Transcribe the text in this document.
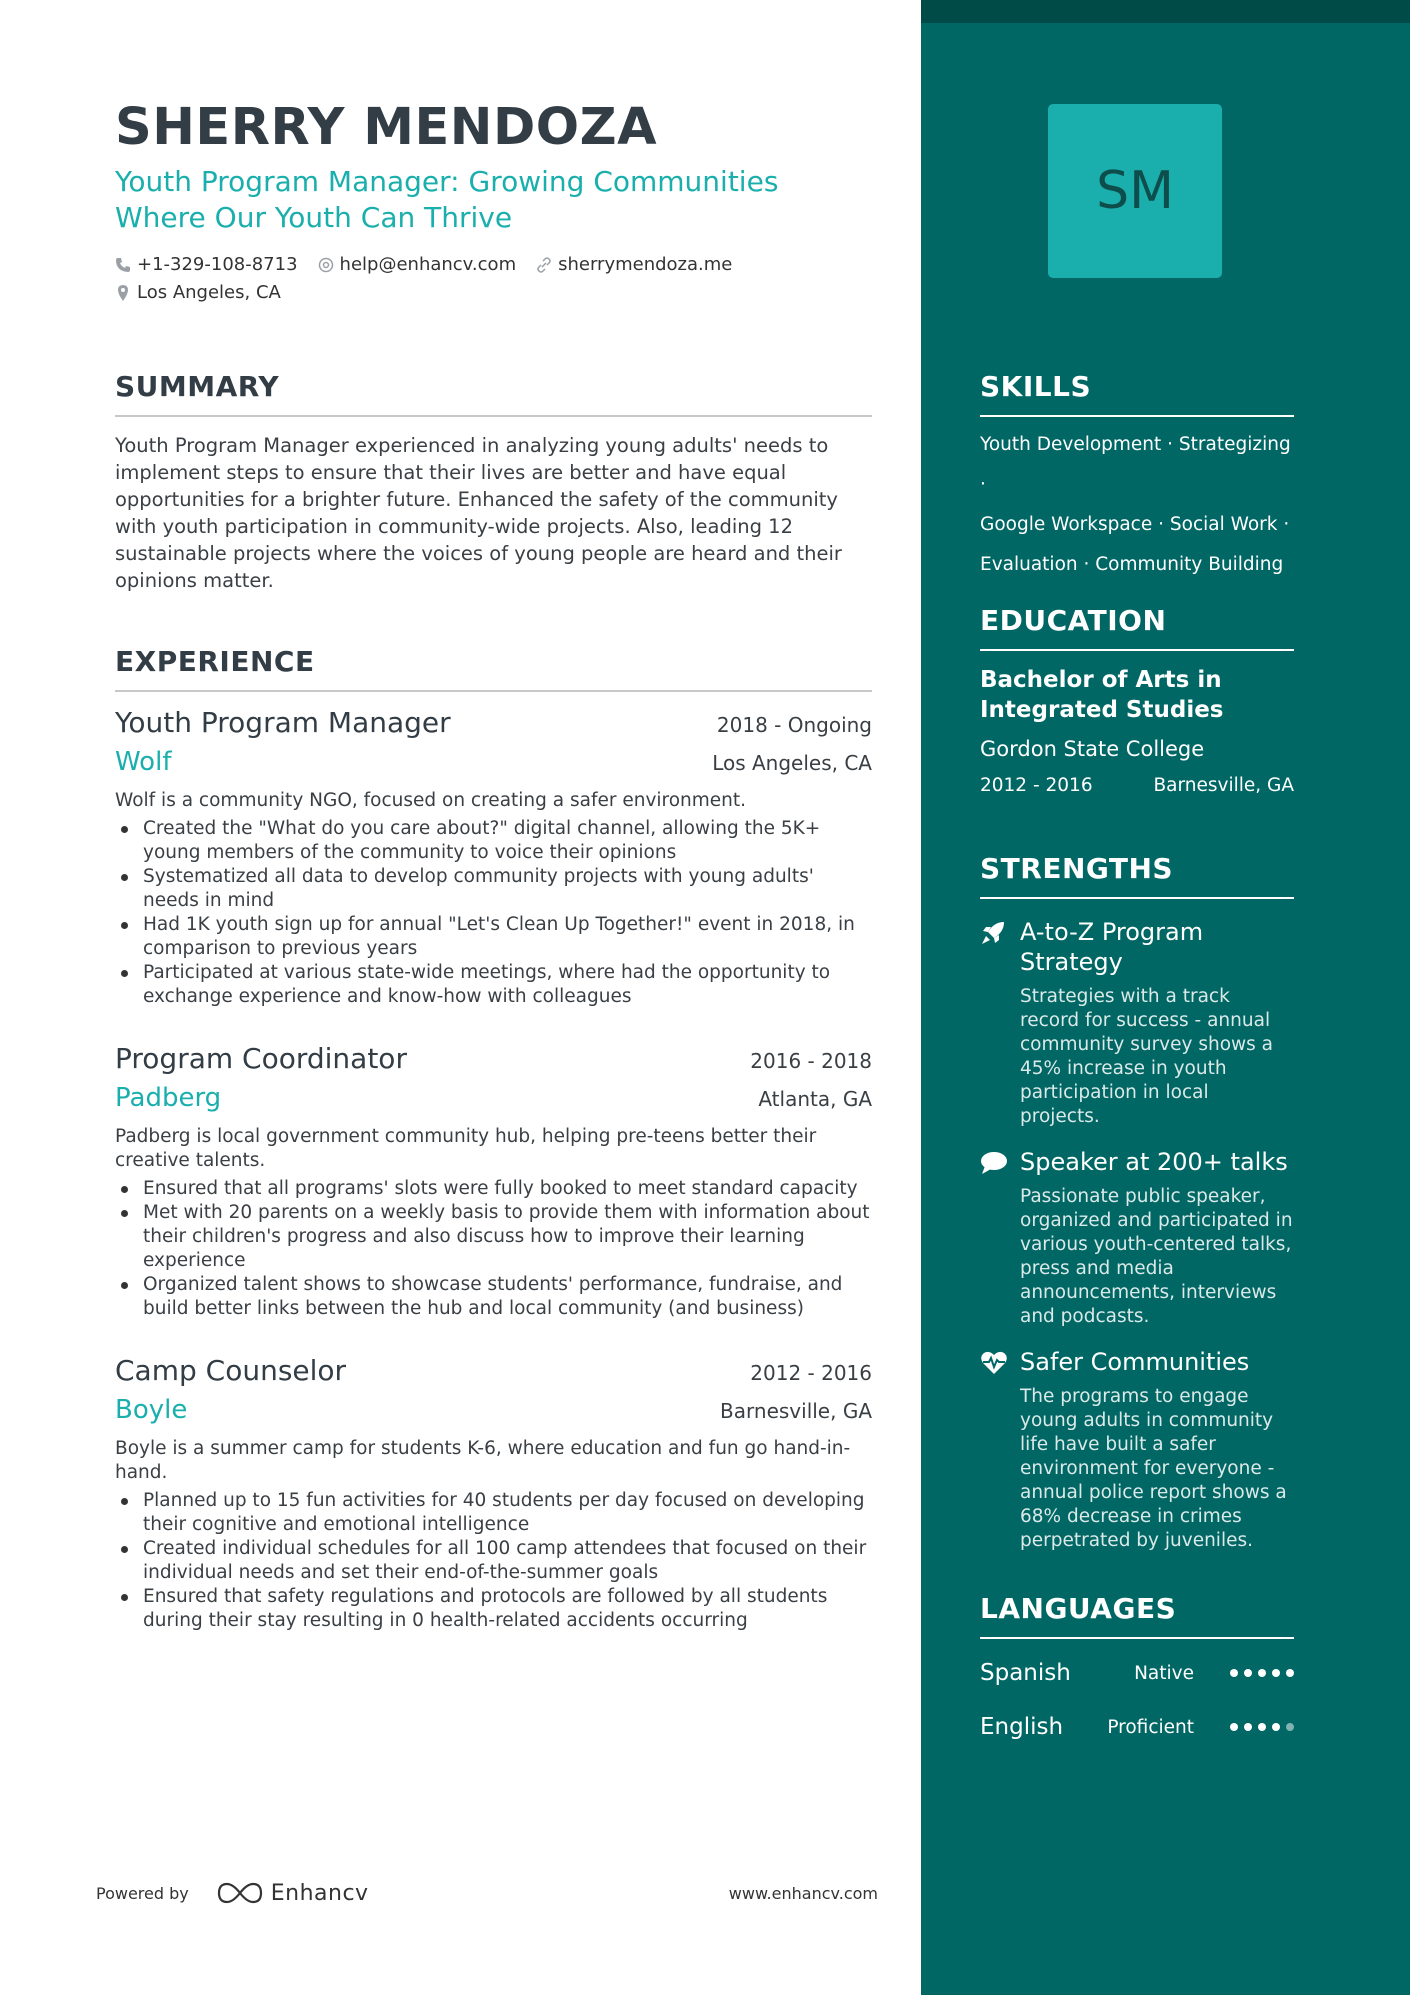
SHERRY MENDOZA

Youth Program Manager: Growing Communities Where Our Youth Can Thrive

+1-329-108-8713 help@enhancv.com sherrymendoza.me
Los Angeles, CA
SUMMARY

Youth Program Manager experienced in analyzing young adults' needs to implement steps to ensure that their lives are better and have equal opportunities for a brighter future. Enhanced the safety of the community with youth participation in community-wide projects. Also, leading 12 sustainable projects where the voices of young people are heard and their opinions matter.

EXPERIENCE
Youth Program Manager	2018 - Ongoing
Wolf	Los Angeles, CA

Wolf is a community NGO, focused on creating a safer environment.

Created the "What do you care about?" digital channel, allowing the 5K+ young members of the community to voice their opinions
Systematized all data to develop community projects with young adults' needs in mind
Had 1K youth sign up for annual "Let's Clean Up Together!" event in 2018, in comparison to previous years
Participated at various state-wide meetings, where had the opportunity to exchange experience and know-how with colleagues
Program Coordinator	2016 - 2018
Padberg	Atlanta, GA

Padberg is local government community hub, helping pre-teens better their creative talents.

Ensured that all programs' slots were fully booked to meet standard capacity
Met with 20 parents on a weekly basis to provide them with information about their children's progress and also discuss how to improve their learning experience
Organized talent shows to showcase students' performance, fundraise, and build better links between the hub and local community (and business)
Camp Counselor	2012 - 2016
Boyle	Barnesville, GA

Boyle is a summer camp for students K-6, where education and fun go hand-in-hand.

Planned up to 15 fun activities for 40 students per day focused on developing their cognitive and emotional intelligence
Created individual schedules for all 100 camp attendees that focused on their individual needs and set their end-of-the-summer goals
Ensured that safety regulations and protocols are followed by all students during their stay resulting in 0 health-related accidents occurring
Powered by	Enhancv	www.enhancv.com
SM
SKILLS
Youth Development · Strategizing ·
Google Workspace · Social Work ·
Evaluation · Community Building
EDUCATION
Bachelor of Arts in Integrated Studies
Gordon State College
2012 - 2016	Barnesville, GA
STRENGTHS
A-to-Z Program Strategy
Strategies with a track record for success - annual community survey shows a 45% increase in youth participation in local projects.
Speaker at 200+ talks
Passionate public speaker, organized and participated in various youth-centered talks, press and media announcements, interviews and podcasts.
Safer Communities
The programs to engage young adults in community life have built a safer environment for everyone - annual police report shows a 68% decrease in crimes perpetrated by juveniles.
LANGUAGES
Spanish	Native
English	Proficient
